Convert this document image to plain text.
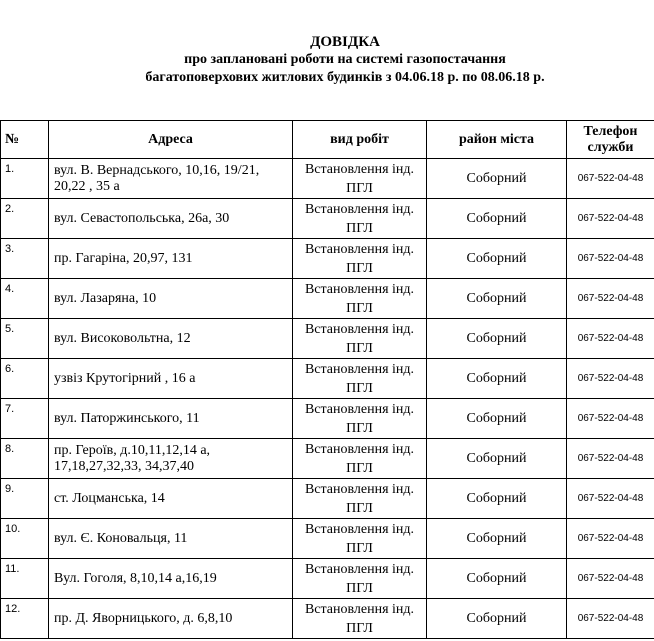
ДОВІДКА
про заплановані роботи на системі газопостачання
багатоповерхових житлових будинків з 04.06.18 р. по 08.06.18 р.
№	Адреса	вид робіт	район міста	Телефон служби
1.	вул. В. Вернадського, 10,16, 19/21, 20,22 , 35 а	Встановлення інд. ПГЛ	Соборний	067-522-04-48
2.	вул. Севастопольська, 26а, 30	Встановлення інд. ПГЛ	Соборний	067-522-04-48
3.	пр. Гагаріна, 20,97, 131	Встановлення інд. ПГЛ	Соборний	067-522-04-48
4.	вул. Лазаряна, 10	Встановлення інд. ПГЛ	Соборний	067-522-04-48
5.	вул. Високовольтна, 12	Встановлення інд. ПГЛ	Соборний	067-522-04-48
6.	узвіз Крутогірний , 16 а	Встановлення інд. ПГЛ	Соборний	067-522-04-48
7.	вул. Паторжинського, 11	Встановлення інд. ПГЛ	Соборний	067-522-04-48
8.	пр. Героїв, д.10,11,12,14 а, 17,18,27,32,33, 34,37,40	Встановлення інд. ПГЛ	Соборний	067-522-04-48
9.	ст. Лоцманська, 14	Встановлення інд. ПГЛ	Соборний	067-522-04-48
10.	вул. Є. Коновальця, 11	Встановлення інд. ПГЛ	Соборний	067-522-04-48
11.	Вул. Гоголя, 8,10,14 а,16,19	Встановлення інд. ПГЛ	Соборний	067-522-04-48
12.	пр. Д. Яворницького, д. 6,8,10	Встановлення інд. ПГЛ	Соборний	067-522-04-48
